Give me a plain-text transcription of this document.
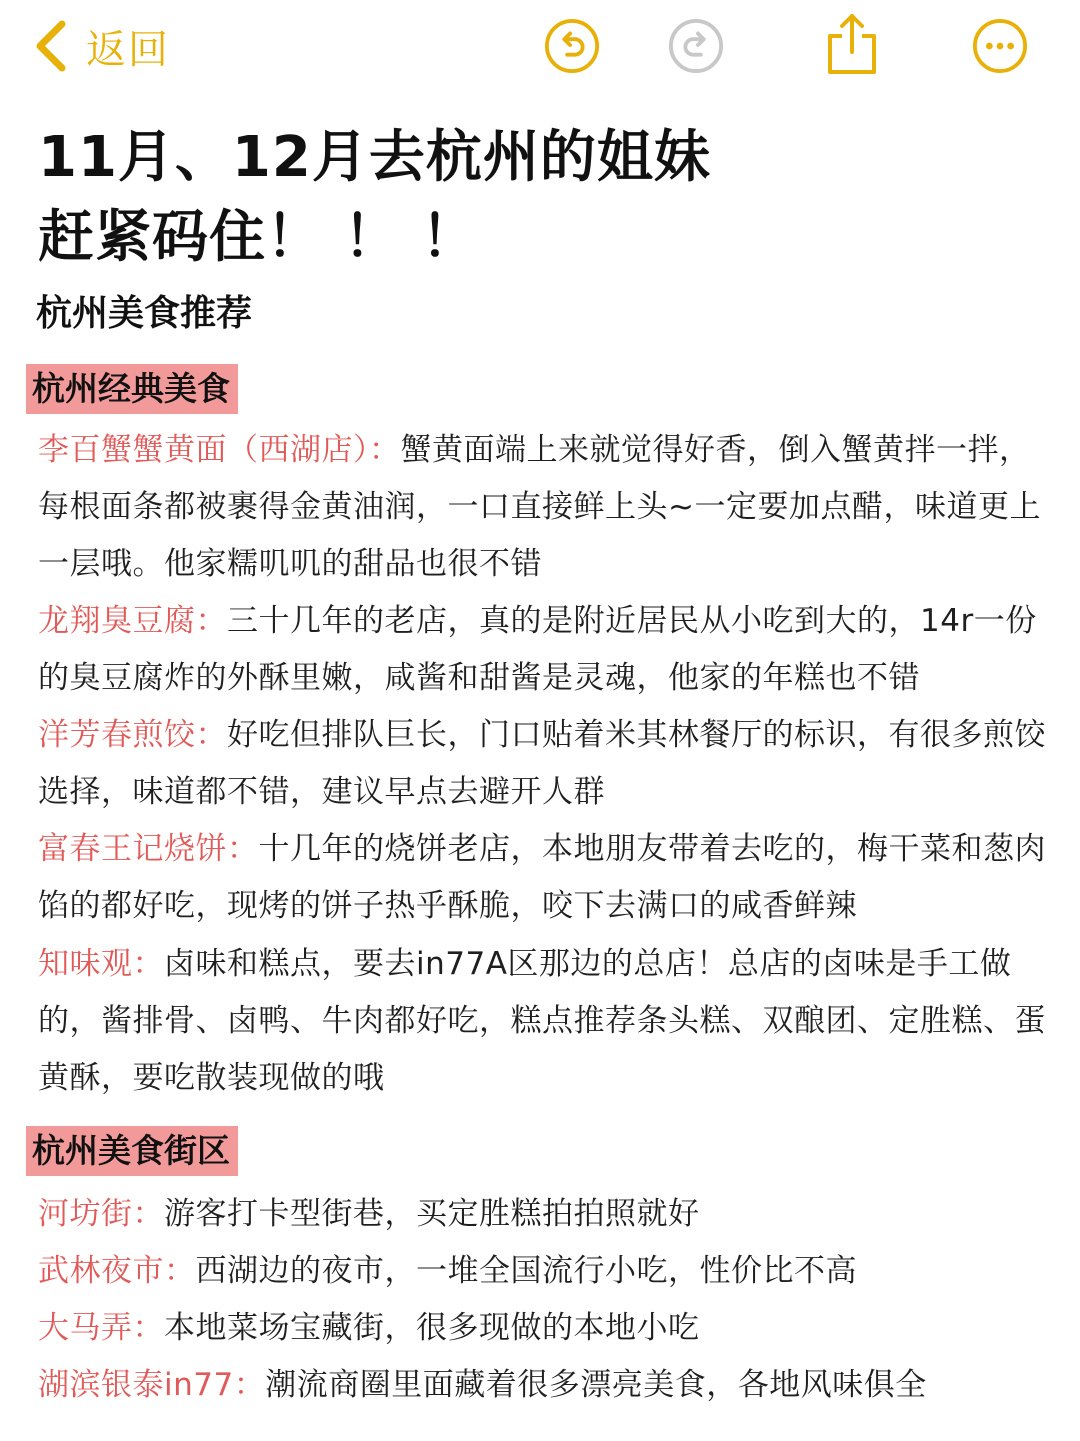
返回
11月、12月去杭州的姐妹
赶紧码住！ ！ ！
杭州美食推荐
杭州经典美食
李百蟹蟹黄面（西湖店）：蟹黄面端上来就觉得好香，倒入蟹黄拌一拌，每根面条都被裹得金黄油润，一口直接鲜上头~一定要加点醋，味道更上一层哦。他家糯叽叽的甜品也很不错
龙翔臭豆腐：三十几年的老店，真的是附近居民从小吃到大的，14r一份的臭豆腐炸的外酥里嫩，咸酱和甜酱是灵魂，他家的年糕也不错
洋芳春煎饺：好吃但排队巨长，门口贴着米其林餐厅的标识，有很多煎饺选择，味道都不错，建议早点去避开人群
富春王记烧饼：十几年的烧饼老店，本地朋友带着去吃的，梅干菜和葱肉馅的都好吃，现烤的饼子热乎酥脆，咬下去满口的咸香鲜辣
知味观：卤味和糕点，要去in77A区那边的总店！总店的卤味是手工做的，酱排骨、卤鸭、牛肉都好吃，糕点推荐条头糕、双酿团、定胜糕、蛋黄酥，要吃散装现做的哦
杭州美食街区
河坊街：游客打卡型街巷，买定胜糕拍拍照就好
武林夜市：西湖边的夜市，一堆全国流行小吃，性价比不高
大马弄：本地菜场宝藏街，很多现做的本地小吃
湖滨银泰in77：潮流商圈里面藏着很多漂亮美食，各地风味俱全
